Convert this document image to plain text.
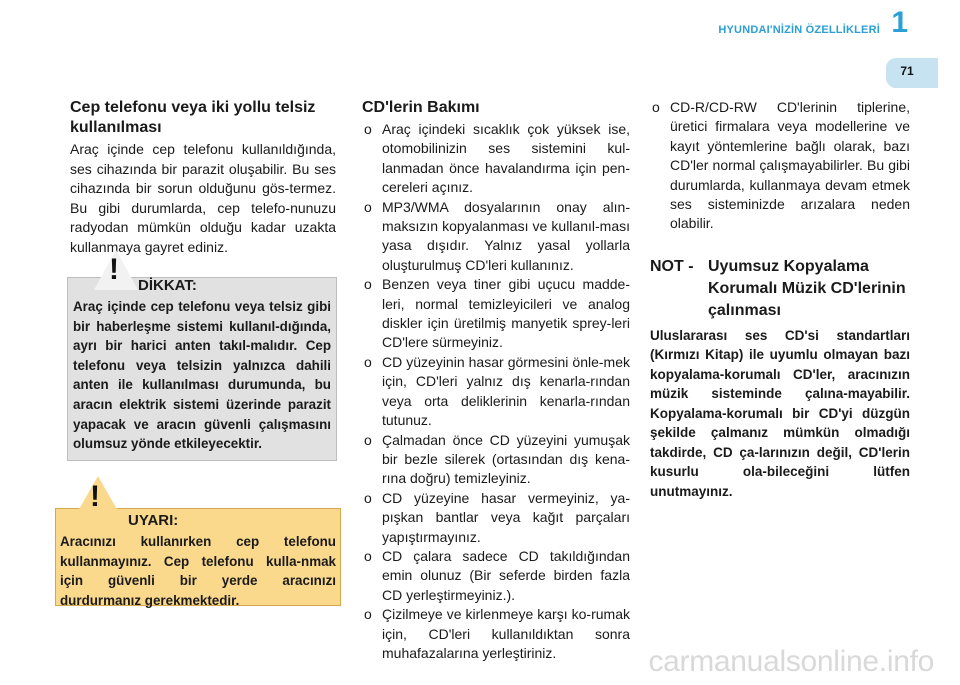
HYUNDAI'NİZİN ÖZELLİKLERİ 1
71
Cep telefonu veya iki yollu telsiz kullanılması

Araç içinde cep telefonu kullanıldığında, ses cihazında bir parazit oluşabilir. Bu ses cihazında bir sorun olduğunu gös-termez. Bu gibi durumlarda, cep telefo-nunuzu radyodan mümkün olduğu kadar uzakta kullanmaya gayret ediniz.

! DİKKAT:
Araç içinde cep telefonu veya telsiz gibi bir haberleşme sistemi kullanıl-dığında, ayrı bir harici anten takıl-malıdır. Cep telefonu veya telsizin yalnızca dahili anten ile kullanılması durumunda, bu aracın elektrik sistemi üzerinde parazit yapacak ve aracın güvenli çalışmasını olumsuz yönde etkileyecektir.
!
UYARI:
Aracınızı kullanırken cep telefonu kullanmayınız. Cep telefonu kulla-nmak için güvenli bir yerde aracınızı durdurmanız gerekmektedir.
CD'lerin Bakımı
o Araç içindeki sıcaklık çok yüksek ise, otomobilinizin ses sistemini kul-lanmadan önce havalandırma için pen-cereleri açınız.
o MP3/WMA dosyalarının onay alın-maksızın kopyalanması ve kullanıl-ması yasa dışıdır. Yalnız yasal yollarla oluşturulmuş CD'leri kullanınız.
o Benzen veya tiner gibi uçucu madde-leri, normal temizleyicileri ve analog diskler için üretilmiş manyetik sprey-leri CD'lere sürmeyiniz.
o CD yüzeyinin hasar görmesini önle-mek için, CD'leri yalnız dış kenarla-rından veya orta deliklerinin kenarla-rından tutunuz.
o Çalmadan önce CD yüzeyini yumuşak bir bezle silerek (ortasından dış kena-rına doğru) temizleyiniz.
o CD yüzeyine hasar vermeyiniz, ya-pışkan bantlar veya kağıt parçaları yapıştırmayınız.
o CD çalara sadece CD takıldığından emin olunuz (Bir seferde birden fazla CD yerleştirmeyiniz.).
o Çizilmeye ve kirlenmeye karşı ko-rumak için, CD'leri kullanıldıktan sonra muhafazalarına yerleştiriniz.
o CD-R/CD-RW CD'lerinin tiplerine, üretici firmalara veya modellerine ve kayıt yöntemlerine bağlı olarak, bazı CD'ler normal çalışmayabilirler. Bu gibi durumlarda, kullanmaya devam etmek ses sisteminizde arızalara neden olabilir.
NOT - Uyumsuz Kopyalama Korumalı Müzik CD'lerinin çalınması
Uluslararası ses CD'si standartları (Kırmızı Kitap) ile uyumlu olmayan bazı kopyalama-korumalı CD'ler, aracınızın müzik sisteminde çalına-mayabilir. Kopyalama-korumalı bir CD'yi düzgün şekilde çalmanız mümkün olmadığı takdirde, CD ça-larınızın değil, CD'lerin kusurlu ola-bileceğini lütfen unutmayınız.
carmanualsonline.info
